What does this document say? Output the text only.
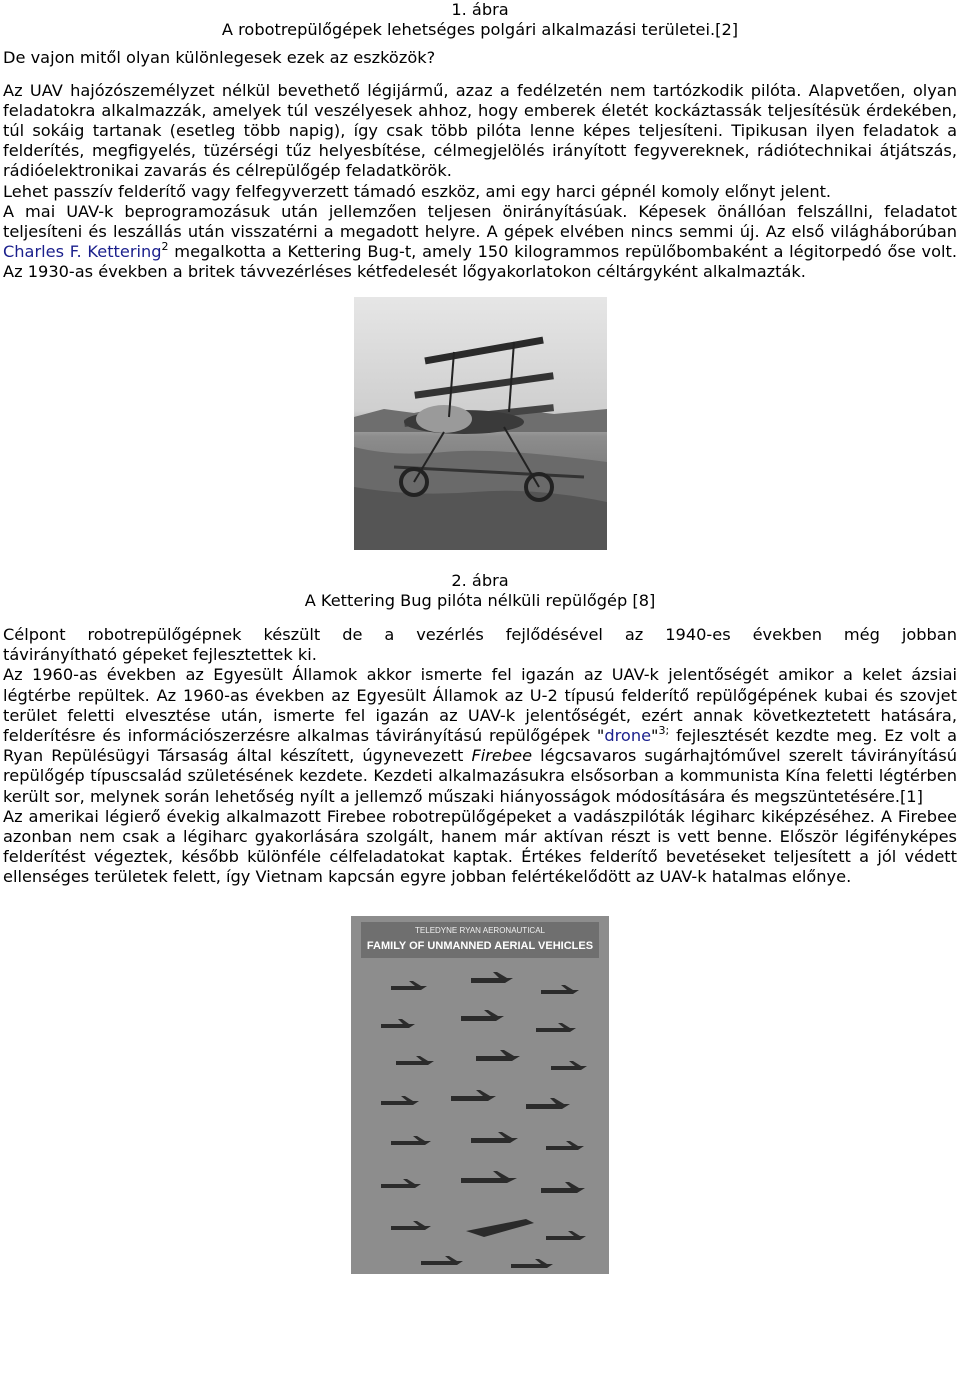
1. ábra
A robotrepülőgépek lehetséges polgári alkalmazási területei.[2]
De vajon mitől olyan különlegesek ezek az eszközök?
Az UAV hajózószemélyzet nélkül bevethető légijármű, azaz a fedélzetén nem tartózkodik pilóta. Alapvetően, olyan feladatokra alkalmazzák, amelyek túl veszélyesek ahhoz, hogy emberek életét kockáztassák teljesítésük érdekében, túl sokáig tartanak (esetleg több napig), így csak több pilóta lenne képes teljesíteni. Tipikusan ilyen feladatok a felderítés, megfigyelés, tüzérségi tűz helyesbítése, célmegjelölés irányított fegyvereknek, rádiótechnikai átjátszás, rádióelektronikai zavarás és célrepülőgép feladatkörök.
Lehet passzív felderítő vagy felfegyverzett támadó eszköz, ami egy harci gépnél komoly előnyt jelent.
A mai UAV-k beprogramozásuk után jellemzően teljesen önirányításúak. Képesek önállóan felszállni, feladatot teljesíteni és leszállás után visszatérni a megadott helyre. A gépek elvében nincs semmi új. Az első világháborúban Charles F. Kettering$^2$ megalkotta a Kettering Bug-t, amely 150 kilogrammos repülőbombaként a légitorpedó őse volt. Az 1930-as években a britek távvezérléses kétfedelesét lőgyakorlatokon céltárgyként alkalmazták.
2. ábra
A Kettering Bug pilóta nélküli repülőgép [8]
Célpont robotrepülőgépnek készült de a vezérlés fejlődésével az 1940-es években még jobban
távirányítható gépeket fejlesztettek ki.
Az 1960-as években az Egyesült Államok akkor ismerte fel igazán az UAV-k jelentőségét amikor a kelet ázsiai légtérbe repültek. Az 1960-as években az Egyesült Államok az U-2 típusú felderítő repülőgépének kubai és szovjet terület feletti elvesztése után, ismerte fel igazán az UAV-k jelentőségét, ezért annak következtetett hatására, felderítésre és információszerzésre alkalmas távirányítású repülőgépek "drone"$^{3;}$ fejlesztését kezdte meg. Ez volt a Ryan Repülésügyi Társaság által készített, úgynevezett Firebee légcsavaros sugárhajtóművel szerelt távirányítású repülőgép típuscsalád születésének kezdete. Kezdeti alkalmazásukra elsősorban a kommunista Kína feletti légtérben került sor, melynek során lehetőség nyílt a jellemző műszaki hiányosságok módosítására és megszüntetésére.[1]
Az amerikai légierő évekig alkalmazott Firebee robotrepülőgépeket a vadászpilóták légiharc kiképzéséhez. A Firebee azonban nem csak a légiharc gyakorlására szolgált, hanem már aktívan részt is vett benne. Először légifényképes felderítést végeztek, később különféle célfeladatokat kaptak. Értékes felderítő bevetéseket teljesített a jól védett ellenséges területek felett, így Vietnam kapcsán egyre jobban felértékelődött az UAV-k hatalmas előnye.
TELEDYNE RYAN AERONAUTICAL
FAMILY OF UNMANNED AERIAL VEHICLES
